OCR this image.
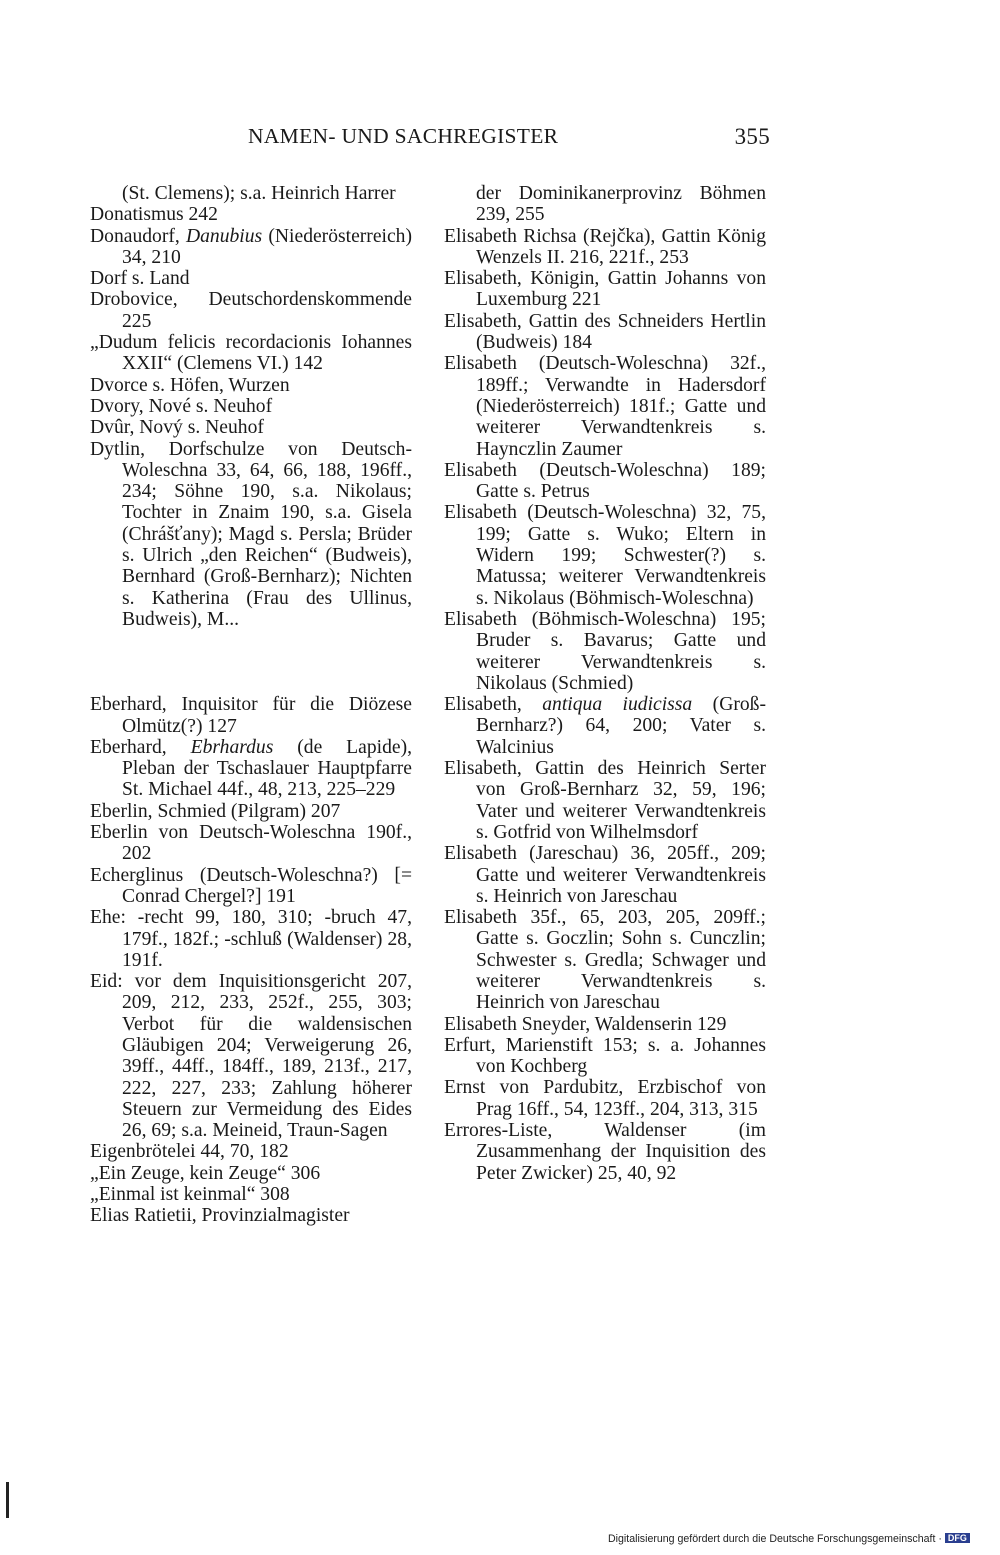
NAMEN- UND SACHREGISTER	355
(St. Clemens); s.a. Heinrich Harrer
Donatismus 242
Donaudorf, Danubius (Niederösterreich) 34, 210
Dorf s. Land
Drobovice, Deutschordenskommende 225
„Dudum felicis recordacionis Iohannes XXII“ (Clemens VI.) 142
Dvorce s. Höfen, Wurzen
Dvory, Nové s. Neuhof
Dvûr, Nový s. Neuhof
Dytlin, Dorfschulze von Deutsch-Woleschna 33, 64, 66, 188, 196ff., 234; Söhne 190, s.a. Nikolaus; Tochter in Znaim 190, s.a. Gisela (Chrášťany); Magd s. Persla; Brüder s. Ulrich „den Reichen“ (Budweis), Bernhard (Groß-Bernharz); Nichten s. Katherina (Frau des Ullinus, Budweis), M...
Eberhard, Inquisitor für die Diözese Olmütz(?) 127
Eberhard, Ebrhardus (de Lapide), Pleban der Tschaslauer Hauptpfarre St. Michael 44f., 48, 213, 225–229
Eberlin, Schmied (Pilgram) 207
Eberlin von Deutsch-Woleschna 190f., 202
Echerglinus (Deutsch-Woleschna?) [= Conrad Chergel?] 191
Ehe: -recht 99, 180, 310; -bruch 47, 179f., 182f.; -schluß (Waldenser) 28, 191f.
Eid: vor dem Inquisitionsgericht 207, 209, 212, 233, 252f., 255, 303; Verbot für die waldensischen Gläubigen 204; Verweigerung 26, 39ff., 44ff., 184ff., 189, 213f., 217, 222, 227, 233; Zahlung höherer Steuern zur Vermeidung des Eides 26, 69; s.a. Meineid, Traun-Sagen
Eigenbrötelei 44, 70, 182
„Ein Zeuge, kein Zeuge“ 306
„Einmal ist keinmal“ 308
Elias Ratietii, Provinzialmagister
der Dominikanerprovinz Böhmen 239, 255
Elisabeth Richsa (Rejčka), Gattin König Wenzels II. 216, 221f., 253
Elisabeth, Königin, Gattin Johanns von Luxemburg 221
Elisabeth, Gattin des Schneiders Hertlin (Budweis) 184
Elisabeth (Deutsch-Woleschna) 32f., 189ff.; Verwandte in Hadersdorf (Niederösterreich) 181f.; Gatte und weiterer Verwandtenkreis s. Haynczlin Zaumer
Elisabeth (Deutsch-Woleschna) 189; Gatte s. Petrus
Elisabeth (Deutsch-Woleschna) 32, 75, 199; Gatte s. Wuko; Eltern in Widern 199; Schwester(?) s. Matussa; weiterer Verwandtenkreis s. Nikolaus (Böhmisch-Woleschna)
Elisabeth (Böhmisch-Woleschna) 195; Bruder s. Bavarus; Gatte und weiterer Verwandtenkreis s. Nikolaus (Schmied)
Elisabeth, antiqua iudicissa (Groß-Bernharz?) 64, 200; Vater s. Walcinius
Elisabeth, Gattin des Heinrich Serter von Groß-Bernharz 32, 59, 196; Vater und weiterer Verwandtenkreis s. Gotfrid von Wilhelmsdorf
Elisabeth (Jareschau) 36, 205ff., 209; Gatte und weiterer Verwandtenkreis s. Heinrich von Jareschau
Elisabeth 35f., 65, 203, 205, 209ff.; Gatte s. Goczlin; Sohn s. Cunczlin; Schwester s. Gredla; Schwager und weiterer Verwandtenkreis s. Heinrich von Jareschau
Elisabeth Sneyder, Waldenserin 129
Erfurt, Marienstift 153; s. a. Johannes von Kochberg
Ernst von Pardubitz, Erzbischof von Prag 16ff., 54, 123ff., 204, 313, 315
Errores-Liste, Waldenser (im Zusammenhang der Inquisition des Peter Zwicker) 25, 40, 92
Digitalisierung gefördert durch die Deutsche Forschungsgemeinschaft · DFG
